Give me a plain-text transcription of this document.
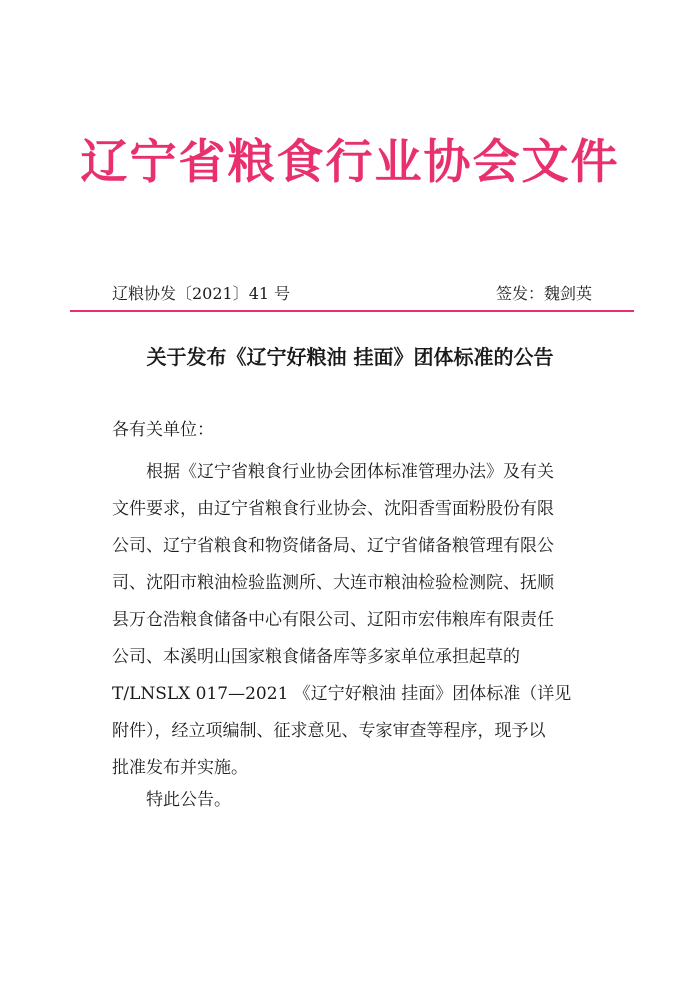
辽宁省粮食行业协会文件
辽粮协发〔2021〕41 号	签发：魏剑英
关于发布《辽宁好粮油 挂面》团体标准的公告
各有关单位：
根据《辽宁省粮食行业协会团体标准管理办法》及有关
文件要求，由辽宁省粮食行业协会、沈阳香雪面粉股份有限
公司、辽宁省粮食和物资储备局、辽宁省储备粮管理有限公
司、沈阳市粮油检验监测所、大连市粮油检验检测院、抚顺
县万仓浩粮食储备中心有限公司、辽阳市宏伟粮库有限责任
公司、本溪明山国家粮食储备库等多家单位承担起草的
T/LNSLX 017—2021 《辽宁好粮油 挂面》团体标准（详见
附件），经立项编制、征求意见、专家审查等程序，现予以
批准发布并实施。
特此公告。
